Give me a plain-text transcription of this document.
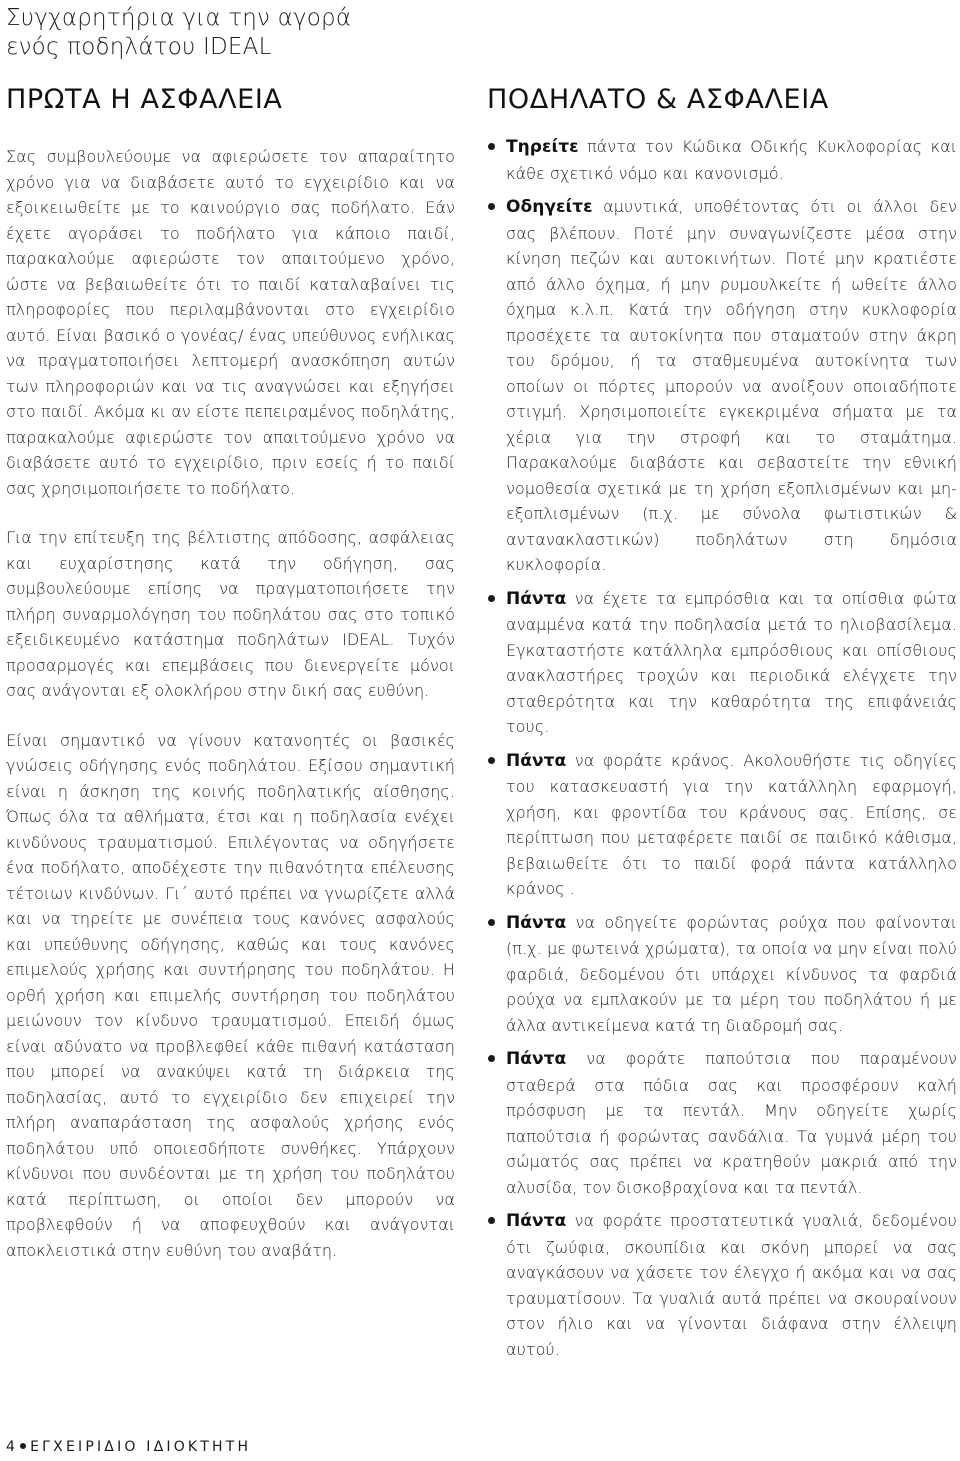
Συγχαρητήρια για την αγορά
ενός ποδηλάτου IDEAL
ΠΡΩΤΑ Η ΑΣΦΑΛΕΙΑ

Σας συμβουλεύουμε να αφιερώσετε τον απαραίτητο χρόνο για να διαβάσετε αυτό το εγχειρίδιο και να εξοικειωθείτε με το καινούργιο σας ποδήλατο. Εάν έχετε αγοράσει το ποδήλατο για κάποιο παιδί, παρακαλούμε αφιερώστε τον απαιτούμενο χρόνο, ώστε να βεβαιωθείτε ότι το παιδί καταλαβαίνει τις πληροφορίες που περιλαμβάνονται στο εγχειρίδιο αυτό. Είναι βασικό ο γονέας/ ένας υπεύθυνος ενήλικας να πραγματοποιήσει λεπτομερή ανασκόπηση αυτών των πληροφοριών και να τις αναγνώσει και εξηγήσει στο παιδί. Ακόμα κι αν είστε πεπειραμένος ποδηλάτης, παρακαλούμε αφιερώστε τον απαιτούμενο χρόνο να διαβάσετε αυτό το εγχειρίδιο, πριν εσείς ή το παιδί σας χρησιμοποιήσετε το ποδήλατο.

Για την επίτευξη της βέλτιστης απόδοσης, ασφάλειας και ευχαρίστησης κατά την οδήγηση, σας συμβουλεύουμε επίσης να πραγματοποιήσετε την πλήρη συναρμολόγηση του ποδηλάτου σας στο τοπικό εξειδικευμένο κατάστημα ποδηλάτων IDEAL. Τυχόν προσαρμογές και επεμβάσεις που διενεργείτε μόνοι σας ανάγονται εξ ολοκλήρου στην δική σας ευθύνη.

Είναι σημαντικό να γίνουν κατανοητές οι βασικές γνώσεις οδήγησης ενός ποδηλάτου. Εξίσου σημαντική είναι η άσκηση της κοινής ποδηλατικής αίσθησης. Όπως όλα τα αθλήματα, έτσι και η ποδηλασία ενέχει κινδύνους τραυματισμού. Επιλέγοντας να οδηγήσετε ένα ποδήλατο, αποδέχεστε την πιθανότητα επέλευσης τέτοιων κινδύνων. Γι΄ αυτό πρέπει να γνωρίζετε αλλά και να τηρείτε με συνέπεια τους κανόνες ασφαλούς και υπεύθυνης οδήγησης, καθώς και τους κανόνες επιμελούς χρήσης και συντήρησης του ποδηλάτου. Η ορθή χρήση και επιμελής συντήρηση του ποδηλάτου μειώνουν τον κίνδυνο τραυματισμού. Επειδή όμως είναι αδύνατο να προβλεφθεί κάθε πιθανή κατάσταση που μπορεί να ανακύψει κατά τη διάρκεια της ποδηλασίας, αυτό το εγχειρίδιο δεν επιχειρεί την πλήρη αναπαράσταση της ασφαλούς χρήσης ενός ποδηλάτου υπό οποιεσδήποτε συνθήκες. Υπάρχουν κίνδυνοι που συνδέονται με τη χρήση του ποδηλάτου κατά περίπτωση, οι οποίοι δεν μπορούν να προβλεφθούν ή να αποφευχθούν και ανάγονται αποκλειστικά στην ευθύνη του αναβάτη.

ΠΟΔΗΛΑΤΟ & ΑΣΦΑΛΕΙΑ
Τηρείτε πάντα τον Κώδικα Οδικής Κυκλοφορίας και κάθε σχετικό νόμο και κανονισμό.
Οδηγείτε αμυντικά, υποθέτοντας ότι οι άλλοι δεν σας βλέπουν. Ποτέ μην συναγωνίζεστε μέσα στην κίνηση πεζών και αυτοκινήτων. Ποτέ μην κρατιέστε από άλλο όχημα, ή μην ρυμουλκείτε ή ωθείτε άλλο όχημα κ.λ.π. Κατά την οδήγηση στην κυκλοφορία προσέχετε τα αυτοκίνητα που σταματούν στην άκρη του δρόμου, ή τα σταθμευμένα αυτοκίνητα των οποίων οι πόρτες μπορούν να ανοίξουν οποιαδήποτε στιγμή. Χρησιμοποιείτε εγκεκριμένα σήματα με τα χέρια για την στροφή και το σταμάτημα. Παρακαλούμε διαβάστε και σεβαστείτε την εθνική νομοθεσία σχετικά με τη χρήση εξοπλισμένων και μη-εξοπλισμένων (π.χ. με σύνολα φωτιστικών & αντανακλαστικών) ποδηλάτων στη δημόσια κυκλοφορία.
Πάντα να έχετε τα εμπρόσθια και τα οπίσθια φώτα αναμμένα κατά την ποδηλασία μετά το ηλιοβασίλεμα. Εγκαταστήστε κατάλληλα εμπρόσθιους και οπίσθιους ανακλαστήρες τροχών και περιοδικά ελέγχετε την σταθερότητα και την καθαρότητα της επιφάνειάς τους.
Πάντα να φοράτε κράνος. Ακολουθήστε τις οδηγίες του κατασκευαστή για την κατάλληλη εφαρμογή, χρήση, και φροντίδα του κράνους σας. Επίσης, σε περίπτωση που μεταφέρετε παιδί σε παιδικό κάθισμα, βεβαιωθείτε ότι το παιδί φορά πάντα κατάλληλο κράνος .
Πάντα να οδηγείτε φορώντας ρούχα που φαίνονται (π.χ. με φωτεινά χρώματα), τα οποία να μην είναι πολύ φαρδιά, δεδομένου ότι υπάρχει κίνδυνος τα φαρδιά ρούχα να εμπλακούν με τα μέρη του ποδηλάτου ή με άλλα αντικείμενα κατά τη διαδρομή σας.
Πάντα να φοράτε παπούτσια που παραμένουν σταθερά στα πόδια σας και προσφέρουν καλή πρόσφυση με τα πεντάλ. Μην οδηγείτε χωρίς παπούτσια ή φορώντας σανδάλια. Τα γυμνά μέρη του σώματός σας πρέπει να κρατηθούν μακριά από την αλυσίδα, τον δισκοβραχίονα και τα πεντάλ.
Πάντα να φοράτε προστατευτικά γυαλιά, δεδομένου ότι ζωύφια, σκουπίδια και σκόνη μπορεί να σας αναγκάσουν να χάσετε τον έλεγχο ή ακόμα και να σας τραυματίσουν. Τα γυαλιά αυτά πρέπει να σκουραίνουν στον ήλιο και να γίνονται διάφανα στην έλλειψη αυτού.
4 ΕΓΧΕΙΡΙΔΙΟ ΙΔΙΟΚΤΗΤΗ
